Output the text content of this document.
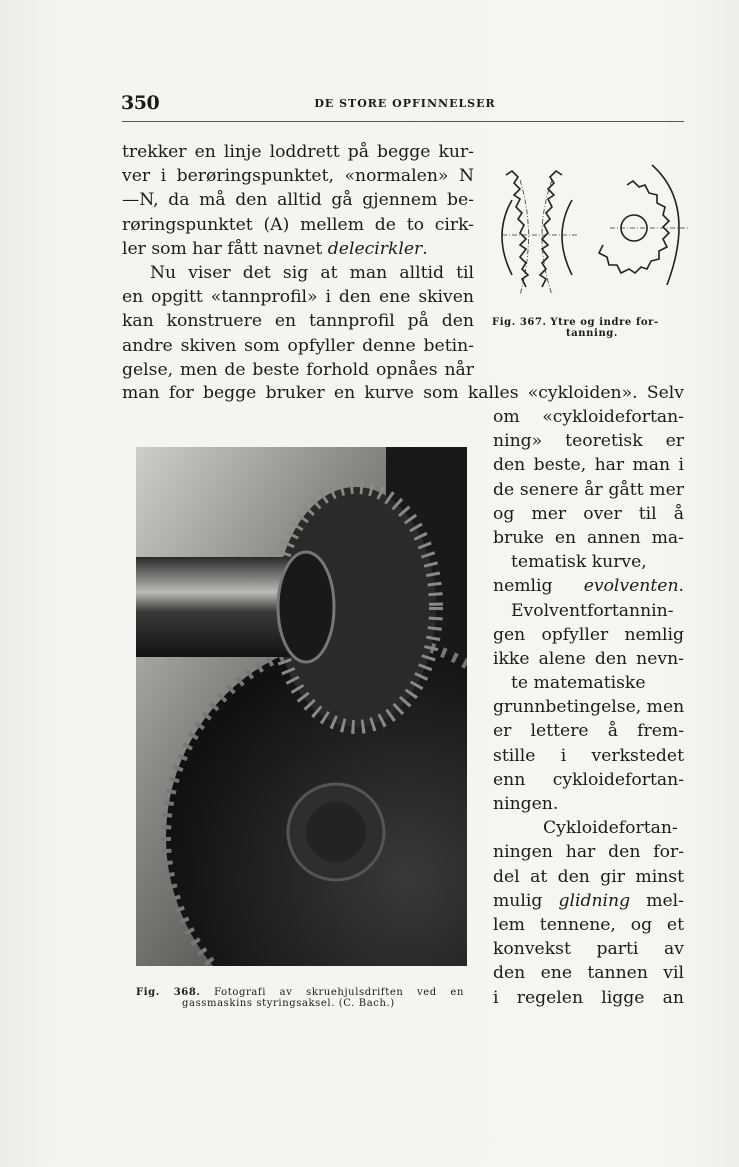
350	DE STORE OPFINNELSER
trekker en linje loddrett på begge kur-
ver i berøringspunktet, «normalen» N
—N, da må den alltid gå gjennem be-
røringspunktet (A) mellem de to cirk-
ler som har fått navnet delecirkler.
Nu viser det sig at man alltid til
en opgitt «tannprofil» i den ene skiven
kan konstruere en tannprofil på den
andre skiven som opfyller denne betin-
gelse, men de beste forhold opnåes når
man for begge bruker en kurve som kalles «cykloiden». Selv
om «cykloidefortan-
ning» teoretisk er
den beste, har man i
de senere år gått mer
og mer over til å
bruke en annen ma-
tematisk kurve,
nemlig evolventen.
Evolventfortannin-
gen opfyller nemlig
ikke alene den nevn-
te matematiske
grunnbetingelse, men
er lettere å frem-
stille i verkstedet
enn cykloidefortan-
ningen.
Cykloidefortan-
ningen har den for-
del at den gir minst
mulig glidning mel-
lem tennene, og et
konvekst parti av
den ene tannen vil
i regelen ligge an
Fig. 367. Ytre og indre for-
tanning.
Fig. 368. Fotografi av skruehjulsdriften ved en
gassmaskins styringsaksel. (C. Bach.)
